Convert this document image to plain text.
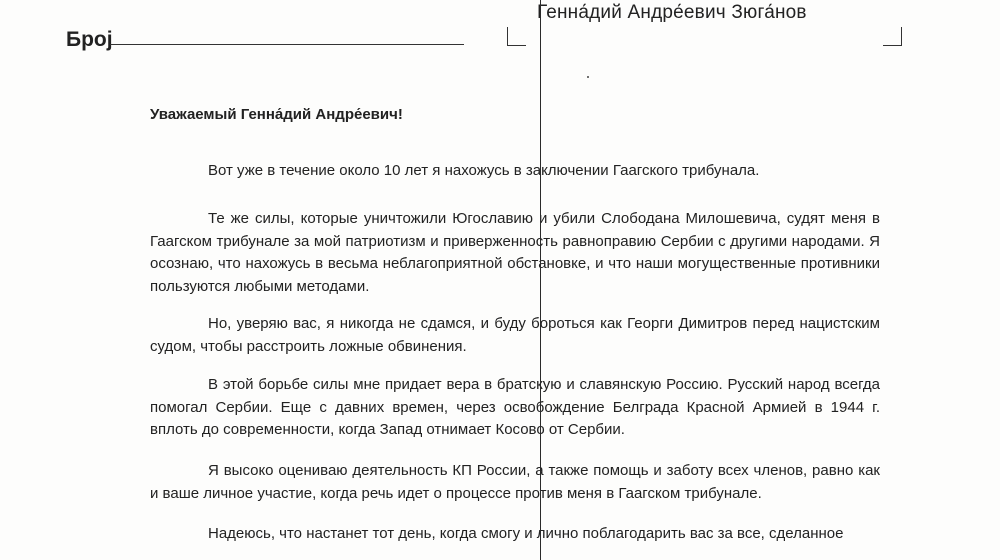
Број
Генна́дий Андре́евич Зюга́нов
Уважаемый Генна́дий Андре́евич!

Вот уже в течение около 10 лет я нахожусь в заключении Гаагского трибунала.

Те же силы, которые уничтожили Югославию и убили Слободана Милошевича, судят меня в Гаагском трибунале за мой патриотизм и приверженность равноправию Сербии с другими народами. Я осознаю, что нахожусь в весьма неблагоприятной обстановке, и что наши могущественные противники пользуются любыми методами.

Но, уверяю вас, я никогда не сдамся, и буду бороться как Георги Димитров перед нацистским судом, чтобы расстроить ложные обвинения.

В этой борьбе силы мне придает вера в братскую и славянскую Россию. Русский народ всегда помогал Сербии. Еще с давних времен, через освобождение Белграда Красной Армией в 1944 г. вплоть до современности, когда Запад отнимает Косово от Сербии.

Я высоко оцениваю деятельность КП России, а также помощь и заботу всех членов, равно как и ваше личное участие, когда речь идет о процессе против меня в Гаагском трибунале.

Надеюсь, что настанет тот день, когда смогу и лично поблагодарить вас за все, сделанное
